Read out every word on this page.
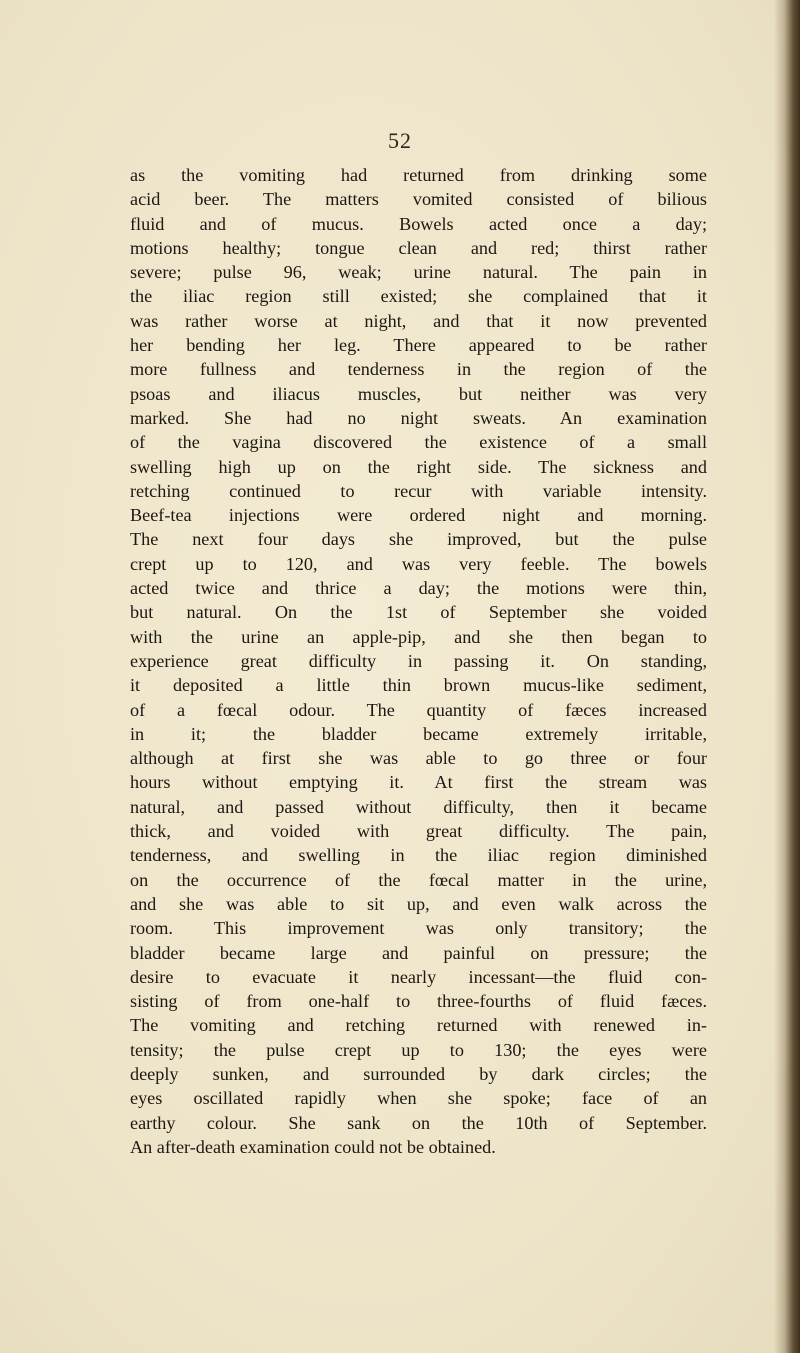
52
as the vomiting had returned from drinking some
acid beer. The matters vomited consisted of bilious
fluid and of mucus. Bowels acted once a day;
motions healthy; tongue clean and red; thirst rather
severe; pulse 96, weak; urine natural. The pain in
the iliac region still existed; she complained that it
was rather worse at night, and that it now prevented
her bending her leg. There appeared to be rather
more fullness and tenderness in the region of the
psoas and iliacus muscles, but neither was very
marked. She had no night sweats. An examination
of the vagina discovered the existence of a small
swelling high up on the right side. The sickness and
retching continued to recur with variable intensity.
Beef-tea injections were ordered night and morning.
The next four days she improved, but the pulse
crept up to 120, and was very feeble. The bowels
acted twice and thrice a day; the motions were thin,
but natural. On the 1st of September she voided
with the urine an apple-pip, and she then began to
experience great difficulty in passing it. On standing,
it deposited a little thin brown mucus-like sediment,
of a fœcal odour. The quantity of fæces increased
in it; the bladder became extremely irritable,
although at first she was able to go three or four
hours without emptying it. At first the stream was
natural, and passed without difficulty, then it became
thick, and voided with great difficulty. The pain,
tenderness, and swelling in the iliac region diminished
on the occurrence of the fœcal matter in the urine,
and she was able to sit up, and even walk across the
room. This improvement was only transitory; the
bladder became large and painful on pressure; the
desire to evacuate it nearly incessant—the fluid con-
sisting of from one-half to three-fourths of fluid fæces.
The vomiting and retching returned with renewed in-
tensity; the pulse crept up to 130; the eyes were
deeply sunken, and surrounded by dark circles; the
eyes oscillated rapidly when she spoke; face of an
earthy colour. She sank on the 10th of September.
An after-death examination could not be obtained.
